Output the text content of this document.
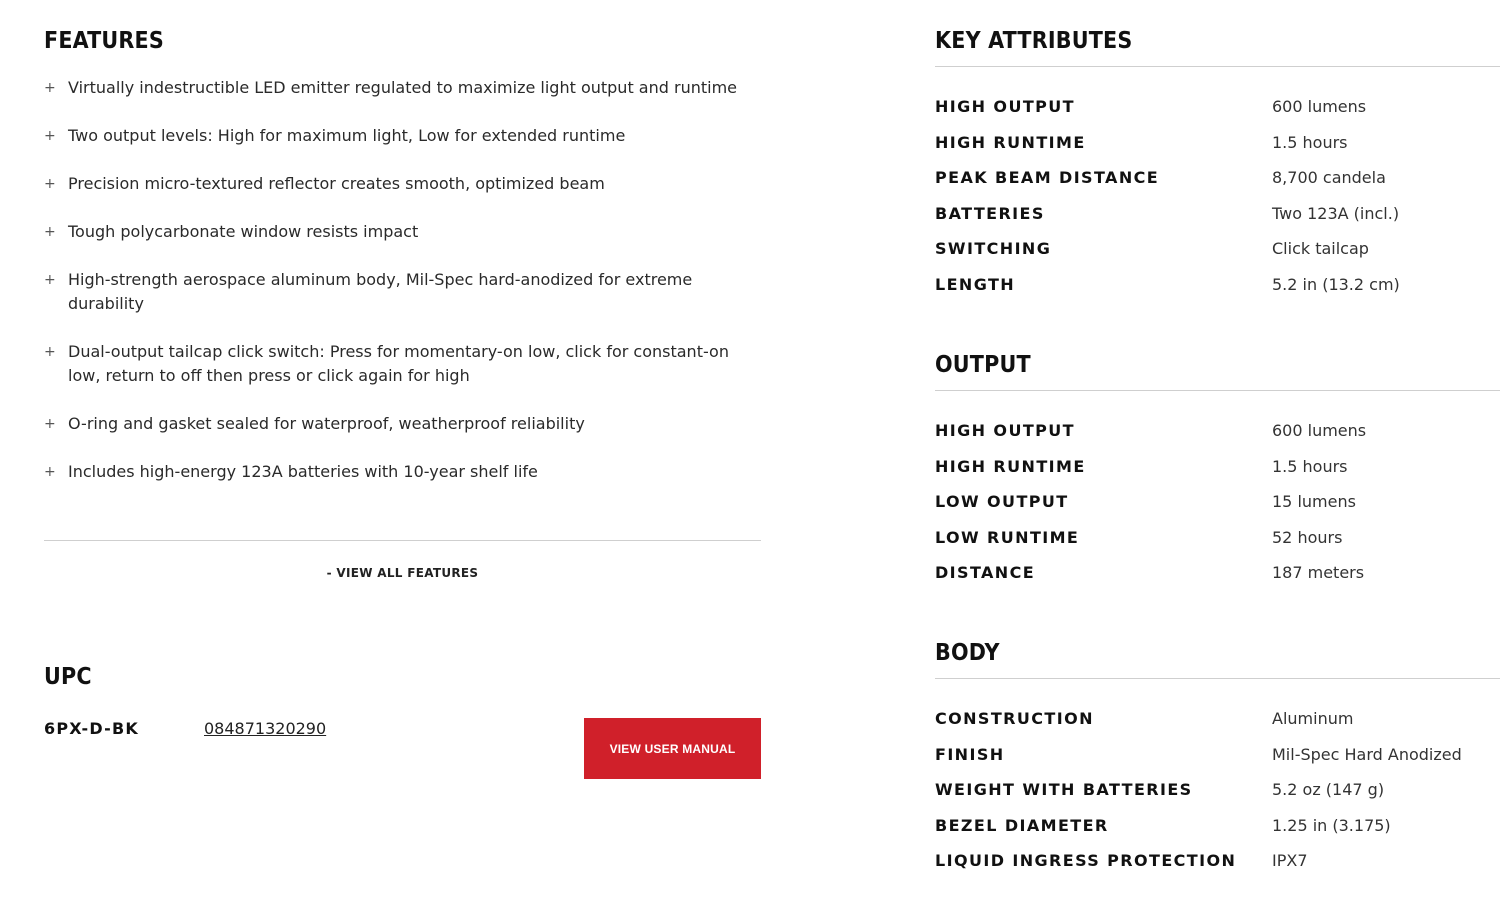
FEATURES
+ Virtually indestructible LED emitter regulated to maximize light output and runtime
+ Two output levels: High for maximum light, Low for extended runtime
+ Precision micro-textured reflector creates smooth, optimized beam
+ Tough polycarbonate window resists impact
+ High-strength aerospace aluminum body, Mil-Spec hard-anodized for extreme durability
+ Dual-output tailcap click switch: Press for momentary-on low, click for constant-on low, return to off then press or click again for high
+ O-ring and gasket sealed for waterproof, weatherproof reliability
+ Includes high-energy 123A batteries with 10-year shelf life
- VIEW ALL FEATURES
UPC
6PX-D-BK	084871320290
VIEW USER MANUAL
KEY ATTRIBUTES
HIGH OUTPUT	600 lumens
HIGH RUNTIME	1.5 hours
PEAK BEAM DISTANCE	8,700 candela
BATTERIES	Two 123A (incl.)
SWITCHING	Click tailcap
LENGTH	5.2 in (13.2 cm)
OUTPUT
HIGH OUTPUT	600 lumens
HIGH RUNTIME	1.5 hours
LOW OUTPUT	15 lumens
LOW RUNTIME	52 hours
DISTANCE	187 meters
BODY
CONSTRUCTION	Aluminum
FINISH	Mil-Spec Hard Anodized
WEIGHT WITH BATTERIES	5.2 oz (147 g)
BEZEL DIAMETER	1.25 in (3.175)
LIQUID INGRESS PROTECTION	IPX7
